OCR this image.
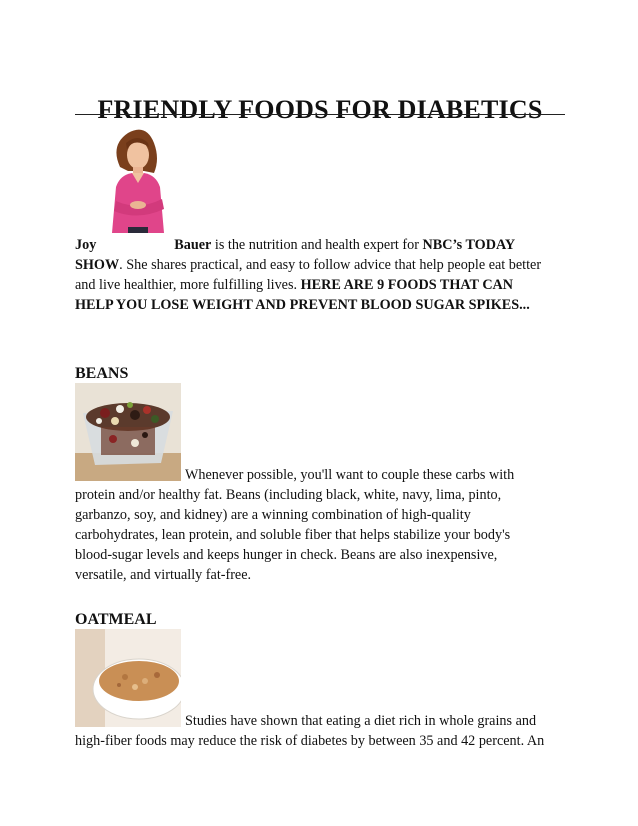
FRIENDLY FOODS FOR DIABETICS

Joy	Bauer is the nutrition and health expert for NBC’s TODAY
SHOW. She shares practical, and easy to follow advice that help people eat better
and live healthier, more fulfilling lives. HERE ARE 9 FOODS THAT CAN
HELP YOU LOSE WEIGHT AND PREVENT BLOOD SUGAR SPIKES...

BEANS

Whenever possible, you'll want to couple these carbs with
protein and/or healthy fat. Beans (including black, white, navy, lima, pinto,
garbanzo, soy, and kidney) are a winning combination of high-quality
carbohydrates, lean protein, and soluble fiber that helps stabilize your body's
blood-sugar levels and keeps hunger in check. Beans are also inexpensive,
versatile, and virtually fat-free.

OATMEAL

Studies have shown that eating a diet rich in whole grains and
high-fiber foods may reduce the risk of diabetes by between 35 and 42 percent. An
